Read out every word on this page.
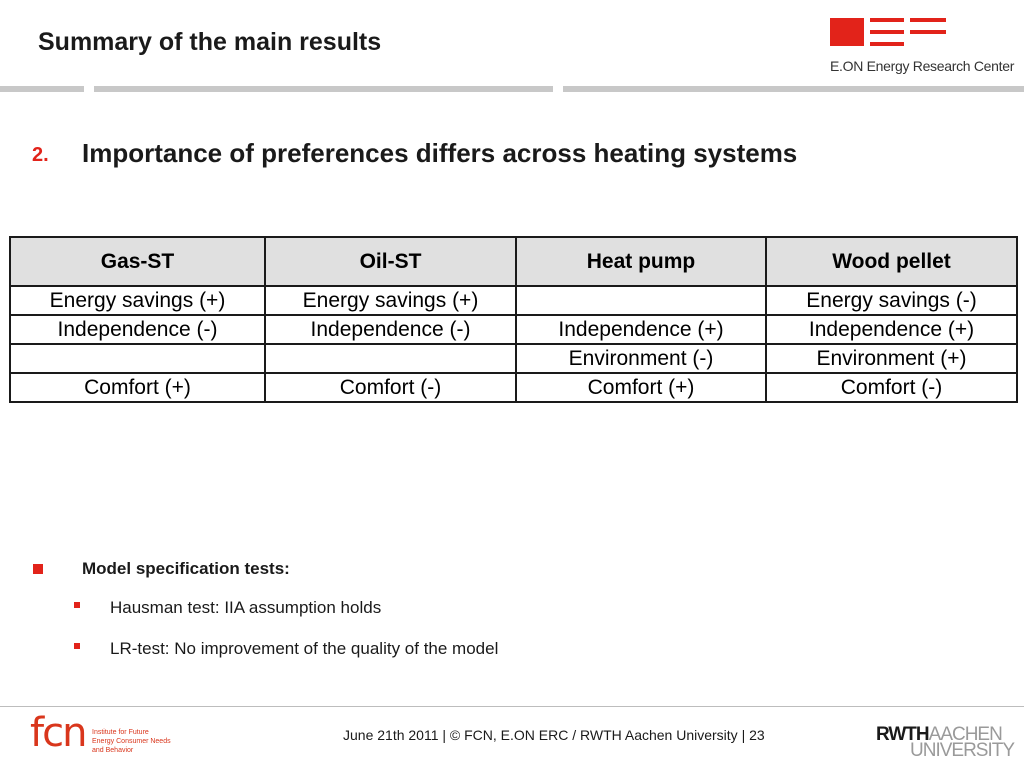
Summary of the main results
E.ON Energy Research Center
2. Importance of preferences differs across heating systems
Gas-ST	Oil-ST	Heat pump	Wood pellet
Energy savings (+)	Energy savings (+)		Energy savings (-)
Independence (-)	Independence (-)	Independence (+)	Independence (+)
		Environment (-)	Environment (+)
Comfort (+)	Comfort (-)	Comfort (+)	Comfort (-)
Model specification tests:
Hausman test: IIA assumption holds
LR-test: No improvement of the quality of the model
fcn Institute for Future
Energy Consumer Needs
and Behavior
June 21th 2011 | © FCN, E.ON ERC / RWTH Aachen University | 23	RWTHAACHEN
UNIVERSITY
